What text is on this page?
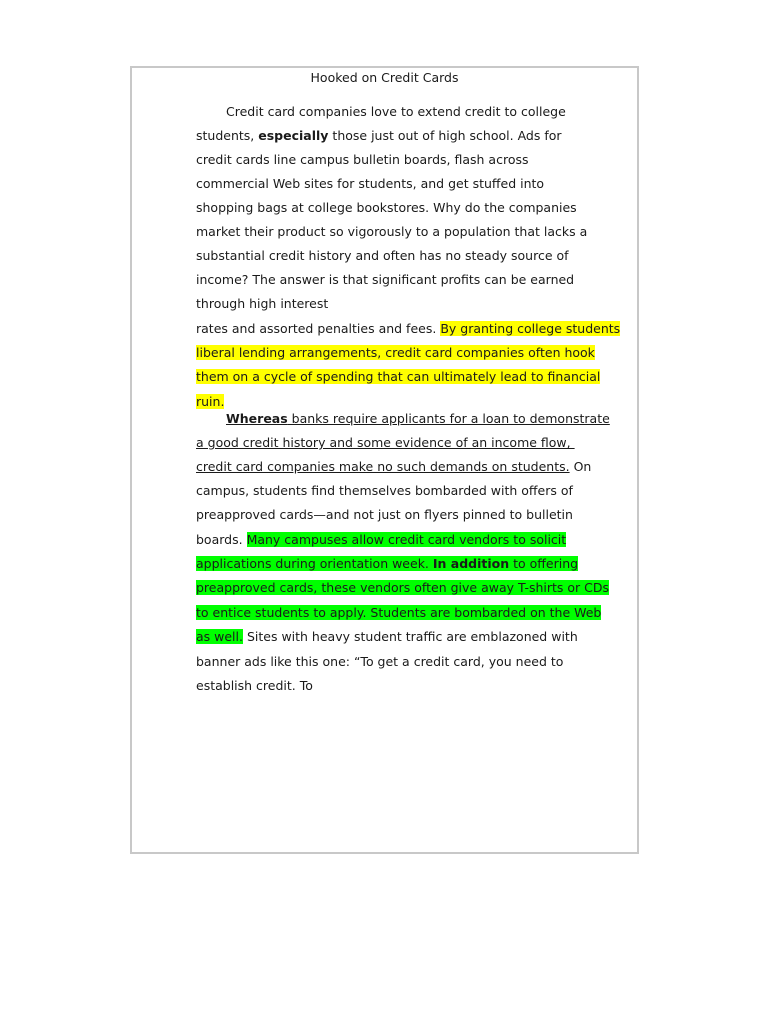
Hooked on Credit Cards
Credit card companies love to extend credit to college
students, especially those just out of high school. Ads for
credit cards line campus bulletin boards, flash across
commercial Web sites for students, and get stuffed into
shopping bags at college bookstores. Why do the companies
market their product so vigorously to a population that lacks a
substantial credit history and often has no steady source of
income? The answer is that significant profits can be earned
through high interest
rates and assorted penalties and fees. By granting college students
liberal lending arrangements, credit card companies often hook
them on a cycle of spending that can ultimately lead to financial
ruin.
Whereas banks require applicants for a loan to demonstrate
a good credit history and some evidence of an income flow,
credit card companies make no such demands on students. On
campus, students find themselves bombarded with offers of
preapproved cards—and not just on flyers pinned to bulletin
boards. Many campuses allow credit card vendors to solicit
applications during orientation week. In addition to offering
preapproved cards, these vendors often give away T-shirts or CDs
to entice students to apply. Students are bombarded on the Web
as well. Sites with heavy student traffic are emblazoned with
banner ads like this one: “To get a credit card, you need to
establish credit. To
